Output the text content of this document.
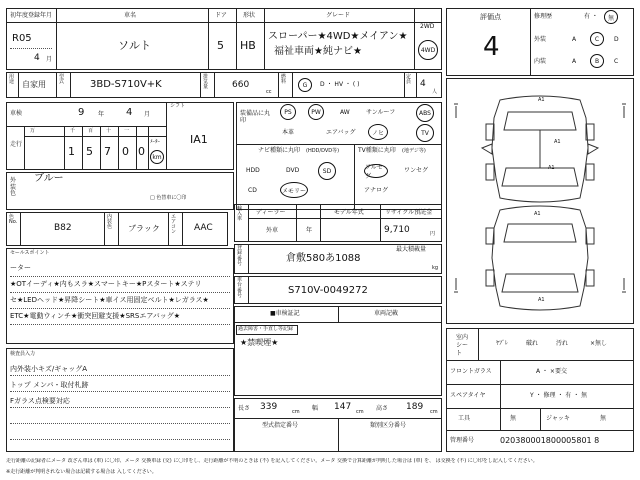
初年度登録年月
R05
4 月
車名
ソルト
ドア
5
形状
HB
グレード
スローパー★4WD★メイアン★
福祉車両★純ナビ★
2WD
4WD
評価点
4
修理歴	有 ・	無
外装	A	C	D
内装	A	B	C
用途 自家用
型式	3BD-S710V+K
排気量	660
cc
燃料	G	D ・ HV ・ ( )
定員 4
人
車検	9 年 4 月
シフト
IA1
走行
万	千	百	十	一
1 5 7 0 0
ﾒｰﾀｰ
km
装備品に丸印
PS	PW	AW	サンルーフ	ABS
本革	エアバッグ	ノヒ	TV
ナビ種類に丸印 (HDD/DVD等)
HDD	DVD	SD
CD	メモリー
TV種類に丸印 (地デジ等)
フルセグ
ワンセグ
アナログ
外装色
ブルー
□ 色替車に〇印
色No.
B82
内装色	ブラック
エアコン	AAC
輸入車
ディーラー
外車	年
モデル年式	リサイクル預託金
9,710	円
登録番号	倉敷580あ1088
最大積載量
kg
セールスポイント
ーター
★OTイーディ★内もスラ★スマートキー★Pスタート★ステリ
セ★LEDヘッド★昇降シート★車イス用固定ベルト★レガラス★
ETC★電動ウィンチ★衝突回避支援★SRSエアバッグ★
車台番号	S710V-0049272
■車検証記	車両記載
過去障害・手直し等記録
★禁喫煙★
検査員入力
内外装小キズ/ギャッグA
トップ メンバ・取付札跡
Fガラス点検要対応
長さ 339	cm 幅 147 cm 高さ 189 cm
型式指定番号	類別区分番号
A1
A1
A1
A1
A1
室内シート
ﾔﾌﾞﾚ	破れ	汚れ	×無し
フロントガラス	A ・ ×要交
スペアタイヤ	Y ・ 修理 ・ 有 ・ 無
工具	無	ジャッキ	無
管理番号	020380001800005801 8
走行距離の記録者にメータ 改ざん車は (車) に〇印、メータ 交換車は (交) に〇印をし、走行距離が不明のときは (不) を記入してください。メータ 交換で合算距離が判明した場合は (車) を、 は交換を (不) に〇印をし記入してください。
※走行距離が判明されない場合は記載する場合は 入してください。
